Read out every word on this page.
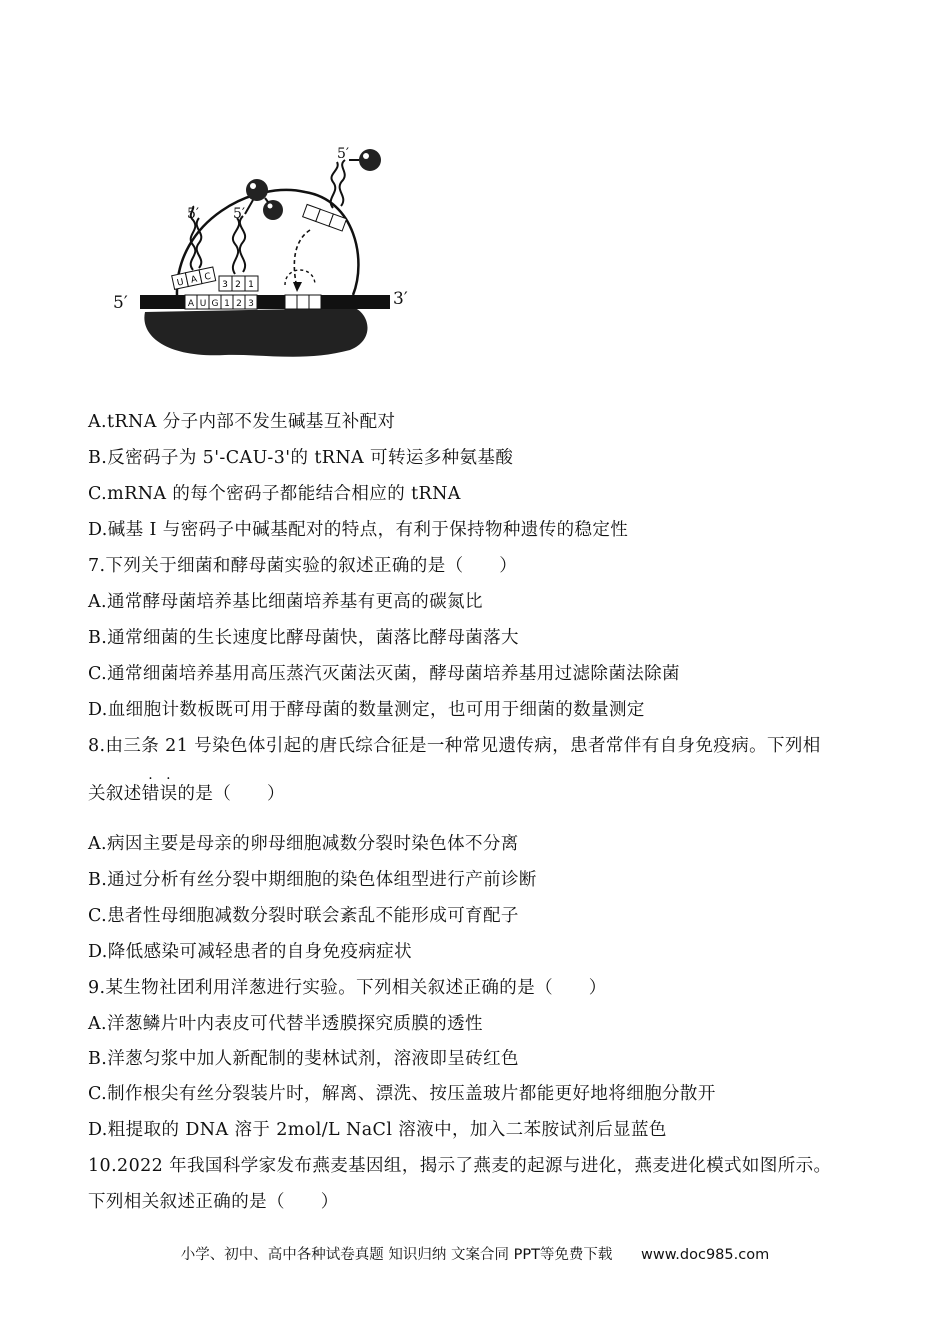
A U G 1 2 3
U A C
3 2 1
5′	3′
5′ 5′
5′
A.tRNA 分子内部不发生碱基互补配对
B.反密码子为 5'-CAU-3'的 tRNA 可转运多种氨基酸
C.mRNA 的每个密码子都能结合相应的 tRNA
D.碱基 I 与密码子中碱基配对的特点，有利于保持物种遗传的稳定性
7.下列关于细菌和酵母菌实验的叙述正确的是（　　）
A.通常酵母菌培养基比细菌培养基有更高的碳氮比
B.通常细菌的生长速度比酵母菌快，菌落比酵母菌落大
C.通常细菌培养基用高压蒸汽灭菌法灭菌，酵母菌培养基用过滤除菌法除菌
D.血细胞计数板既可用于酵母菌的数量测定，也可用于细菌的数量测定
8.由三条 21 号染色体引起的唐氏综合征是一种常见遗传病，患者常伴有自身免疫病。下列相
关叙述
.
错
.
误的是（　　）
A.病因主要是母亲的卵母细胞减数分裂时染色体不分离
B.通过分析有丝分裂中期细胞的染色体组型进行产前诊断
C.患者性母细胞减数分裂时联会紊乱不能形成可育配子
D.降低感染可减轻患者的自身免疫病症状
9.某生物社团利用洋葱进行实验。下列相关叙述正确的是（　　）
A.洋葱鳞片叶内表皮可代替半透膜探究质膜的透性
B.洋葱匀浆中加人新配制的斐林试剂，溶液即呈砖红色
C.制作根尖有丝分裂装片时，解离、漂洗、按压盖玻片都能更好地将细胞分散开
D.粗提取的 DNA 溶于 2mol/L NaCl 溶液中，加入二苯胺试剂后显蓝色
10.2022 年我国科学家发布燕麦基因组，揭示了燕麦的起源与进化，燕麦进化模式如图所示。
下列相关叙述正确的是（　　）
小学、初中、高中各种试卷真题 知识归纳 文案合同 PPT等免费下载 www.doc985.com
